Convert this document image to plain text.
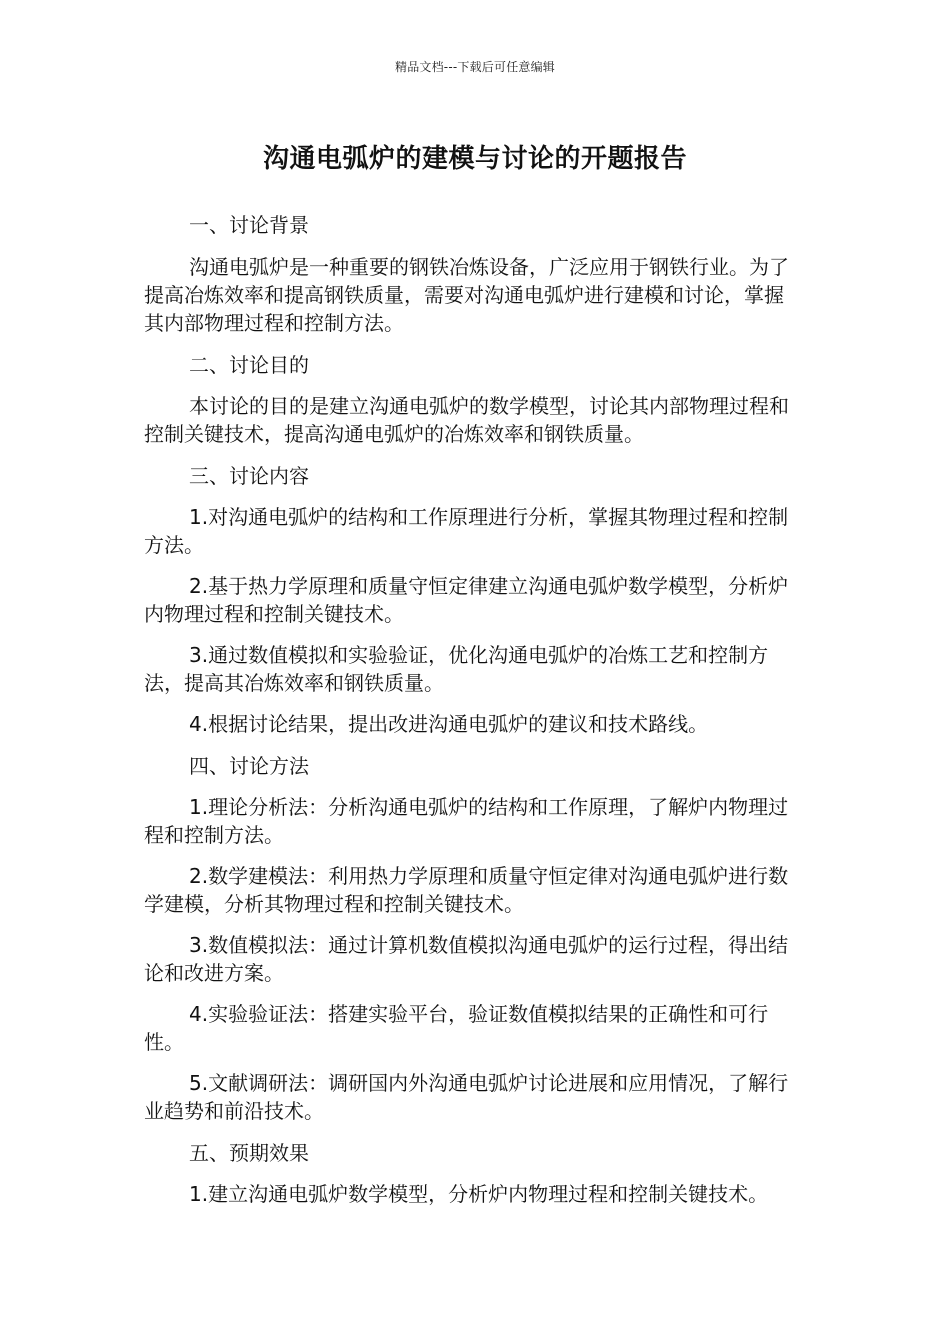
精品文档---下载后可任意编辑
沟通电弧炉的建模与讨论的开题报告

一、讨论背景

沟通电弧炉是一种重要的钢铁冶炼设备，广泛应用于钢铁行业。为了提高冶炼效率和提高钢铁质量，需要对沟通电弧炉进行建模和讨论，掌握其内部物理过程和控制方法。

二、讨论目的

本讨论的目的是建立沟通电弧炉的数学模型，讨论其内部物理过程和控制关键技术，提高沟通电弧炉的冶炼效率和钢铁质量。

三、讨论内容

1.对沟通电弧炉的结构和工作原理进行分析，掌握其物理过程和控制方法。

2.基于热力学原理和质量守恒定律建立沟通电弧炉数学模型，分析炉内物理过程和控制关键技术。

3.通过数值模拟和实验验证，优化沟通电弧炉的冶炼工艺和控制方法，提高其冶炼效率和钢铁质量。

4.根据讨论结果，提出改进沟通电弧炉的建议和技术路线。

四、讨论方法

1.理论分析法：分析沟通电弧炉的结构和工作原理，了解炉内物理过程和控制方法。

2.数学建模法：利用热力学原理和质量守恒定律对沟通电弧炉进行数学建模，分析其物理过程和控制关键技术。

3.数值模拟法：通过计算机数值模拟沟通电弧炉的运行过程，得出结论和改进方案。

4.实验验证法：搭建实验平台，验证数值模拟结果的正确性和可行性。

5.文献调研法：调研国内外沟通电弧炉讨论进展和应用情况，了解行业趋势和前沿技术。

五、预期效果

1.建立沟通电弧炉数学模型，分析炉内物理过程和控制关键技术。
